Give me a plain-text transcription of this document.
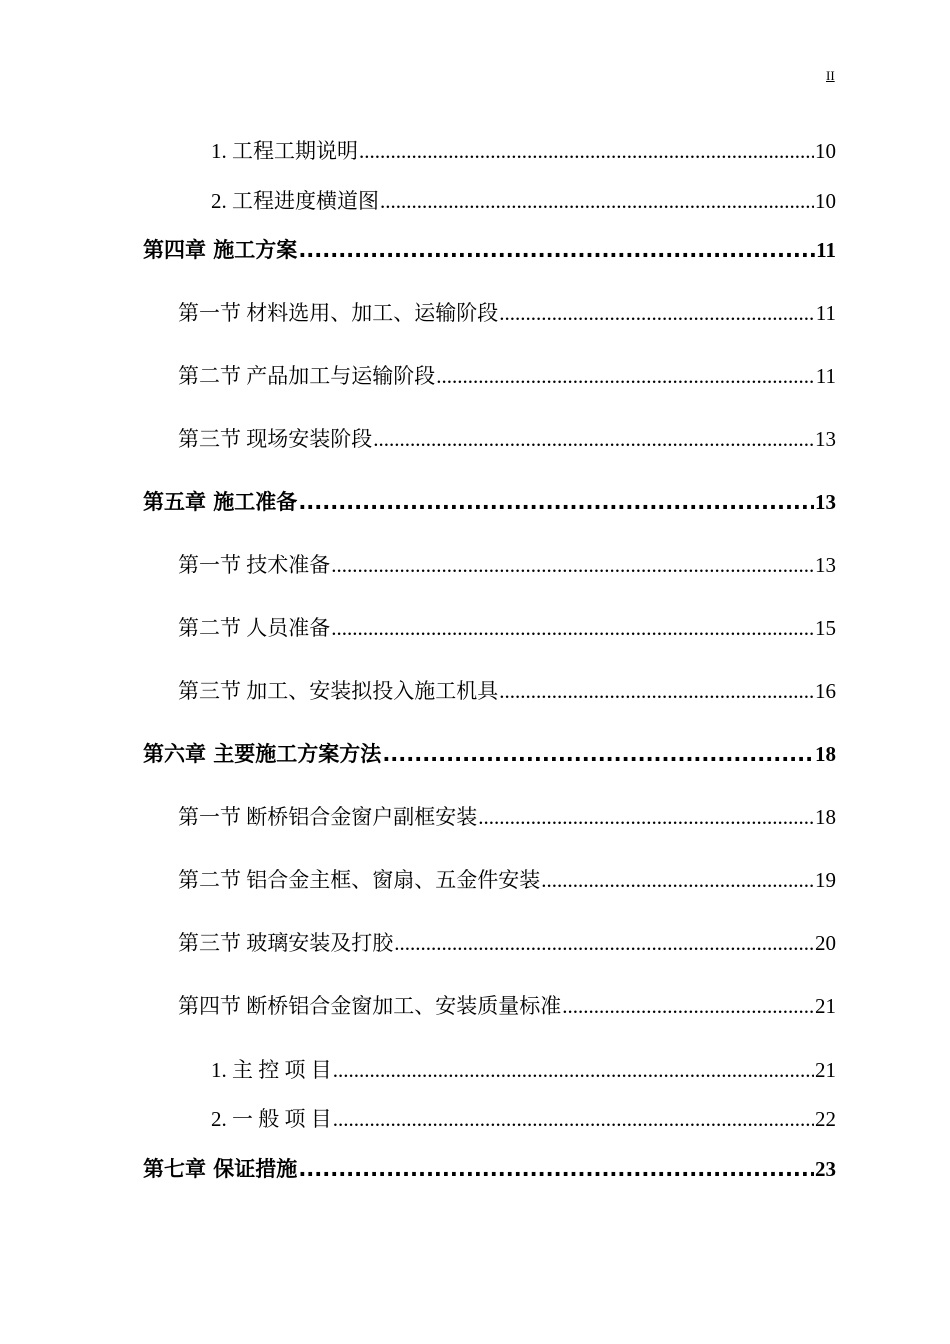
II
1. 工程工期说明 .....	10
2. 工程进度横道图 .....	10
第四章 施工方案 .....	11
第一节 材料选用、加工、运输阶段 .....	11
第二节 产品加工与运输阶段 .....	11
第三节 现场安装阶段 .....	13
第五章 施工准备 .....	13
第一节 技术准备 .....	13
第二节 人员准备 .....	15
第三节 加工、安装拟投入施工机具 .....	16
第六章 主要施工方案方法 .....	18
第一节 断桥铝合金窗户副框安装 .....	18
第二节 铝合金主框、窗扇、五金件安装 .....	19
第三节 玻璃安装及打胶 .....	20
第四节 断桥铝合金窗加工、安装质量标准 .....	21
1. 主 控 项 目 .....	21
2. 一 般 项 目 .....	22
第七章 保证措施 .....	23
